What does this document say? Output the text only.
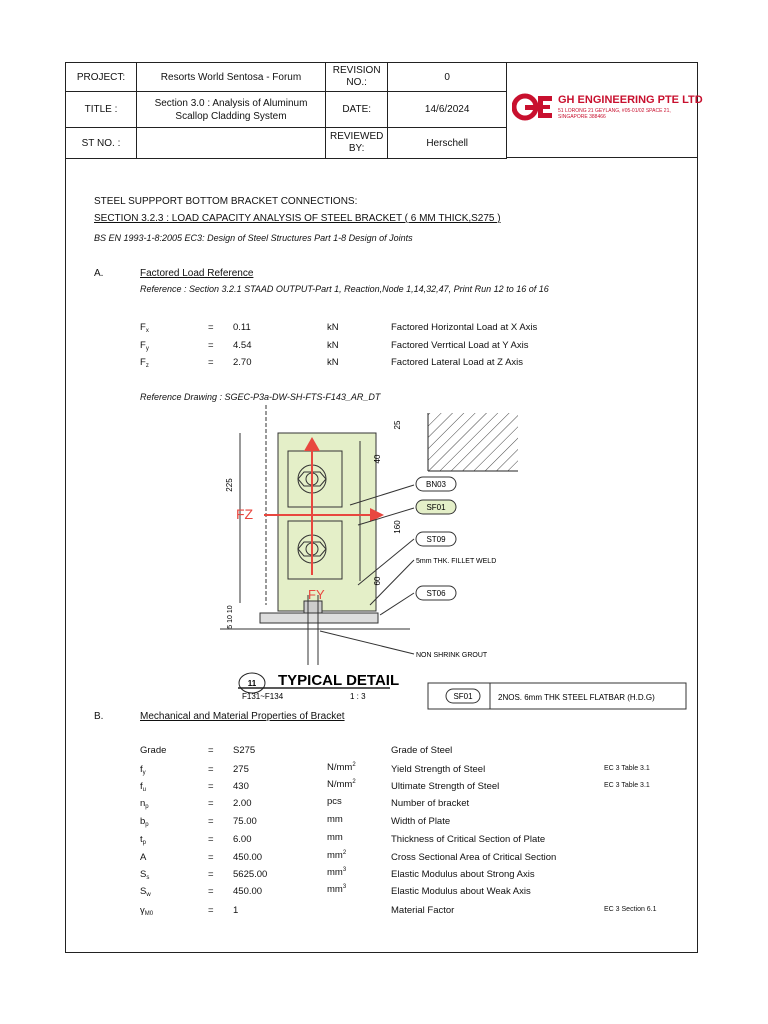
PROJECT:	Resorts World Sentosa - Forum	REVISION NO.:	0
TITLE :	Section 3.0 : Analysis of Aluminum Scallop Cladding System	DATE:	14/6/2024
ST NO. :		REVIEWED BY:	Herschell
GH ENGINEERING PTE LTD
51 LORONG 21 GEYLANG, #05-01/02 SPACE 21,
SINGAPORE 388466
STEEL SUPPPORT BOTTOM BRACKET CONNECTIONS:
SECTION 3.2.3 : LOAD CAPACITY ANALYSIS OF STEEL BRACKET ( 6 MM THICK,S275 )
BS EN 1993-1-8:2005 EC3: Design of Steel Structures Part 1-8 Design of Joints
A.	Factored Load Reference
Reference : Section 3.2.1 STAAD OUTPUT-Part 1, Reaction,Node 1,14,32,47, Print Run 12 to 16 of 16
$F_x$	= 0.11	kN	Factored Horizontal Load at X Axis
$F_y$	= 4.54	kN	Factored Verrtical Load at Y Axis
$F_z$	= 2.70	kN	Factored Lateral Load at Z Axis
Reference Drawing : SGEC-P3a-DW-SH-FTS-F143_AR_DT
25
40
160
60
225
5 10 10
FZ
FY
BN03
SF01
ST09
5mm THK. FILLET WELD
ST06
NON SHRINK GROUT
11
F131~F134
TYPICAL DETAIL
1 : 3	SF01	2NOS. 6mm THK STEEL FLATBAR (H.D.G)
B.	Mechanical and Material Properties of Bracket
Grade	= S275	Grade of Steel
$f_y$	= 275	$N/mm^2$	Yield Strength of Steel	EC 3 Table 3.1
$f_u$	= 430	$N/mm^2$	Ultimate Strength of Steel	EC 3 Table 3.1
$n_p$	= 2.00	pcs	Number of bracket
$b_p$	= 75.00	mm	Width of Plate
$t_p$	= 6.00	mm	Thickness of Critical Section of Plate
A	= 450.00	$mm^2$	Cross Sectional Area of Critical Section
$S_s$	= 5625.00	$mm^3$	Elastic Modulus about Strong Axis
$S_w$	= 450.00	$mm^3$	Elastic Modulus about Weak Axis
$\gamma_{M0}$	= 1	Material Factor	EC 3 Section 6.1
